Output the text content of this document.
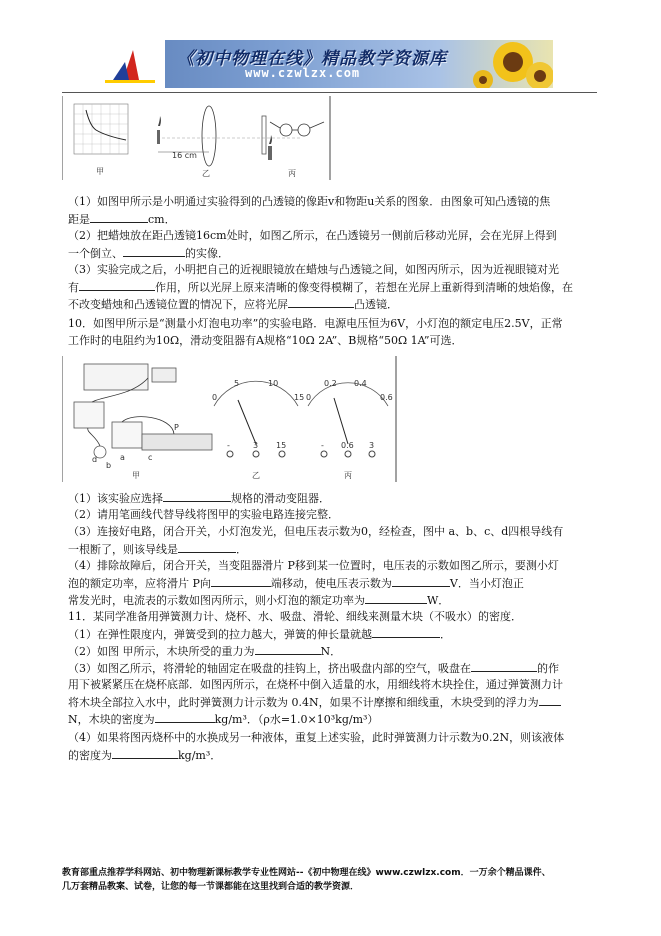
《初中物理在线》精品教学资源库
www.czwlzx.com
甲
16 cm
乙	丙
（1）如图甲所示是小明通过实验得到的凸透镜的像距v和物距u关系的图象．由图象可知凸透镜的焦
距是	cm．
（2）把蜡烛放在距凸透镜16cm处时，如图乙所示，在凸透镜另一侧前后移动光屏，会在光屏上得到
一个倒立、	的实像．
（3）实验完成之后，小明把自己的近视眼镜放在蜡烛与凸透镜之间，如图丙所示，因为近视眼镜对光
有	作用，所以光屏上原来清晰的像变得模糊了，若想在光屏上重新得到清晰的烛焰像，在
不改变蜡烛和凸透镜位置的情况下，应将光屏	凸透镜．
10．如图甲所示是“测量小灯泡电功率”的实验电路．电源电压恒为6V，小灯泡的额定电压2.5V，正常
工作时的电阻约为10Ω，滑动变阻器有A规格“10Ω 2A”、B规格“50Ω 1A”可选．
P
a
b
c
d
甲
0
5	10
15
-	3 15
乙
0
0.2 0.4
0.6
- 0.6 3
丙
（1）该实验应选择	规格的滑动变阻器．
（2）请用笔画线代替导线将图甲的实验电路连接完整．
（3）连接好电路，闭合开关，小灯泡发光，但电压表示数为0，经检查，图中 a、b、c、d四根导线有
一根断了，则该导线是	．
（4）排除故障后，闭合开关，当变阻器滑片 P移到某一位置时，电压表的示数如图乙所示，要测小灯
泡的额定功率，应将滑片 P向	端移动，使电压表示数为	V．当小灯泡正
常发光时，电流表的示数如图丙所示，则小灯泡的额定功率为	W．
11．某同学准备用弹簧测力计、烧杯、水、吸盘、滑轮、细线来测量木块（不吸水）的密度．
（1）在弹性限度内，弹簧受到的拉力越大，弹簧的伸长量就越	．
（2）如图 甲所示，木块所受的重力为	N．
（3）如图乙所示，将滑轮的轴固定在吸盘的挂钩上，挤出吸盘内部的空气，吸盘在	的作
用下被紧紧压在烧杯底部．如图丙所示，在烧杯中倒入适量的水，用细线将木块拴住，通过弹簧测力计
将木块全部拉入水中，此时弹簧测力计示数为 0.4N，如果不计摩擦和细线重，木块受到的浮力为
N，木块的密度为	kg/m³．（ρ水=1.0×10³kg/m³）
（4）如果将图丙烧杯中的水换成另一种液体，重复上述实验，此时弹簧测力计示数为0.2N，则该液体
的密度为	kg/m³．
教育部重点推荐学科网站、初中物理新课标教学专业性网站--《初中物理在线》www.czwlzx.com．一万余个精品课件、
几万套精品教案、试卷，让您的每一节课都能在这里找到合适的教学资源．
